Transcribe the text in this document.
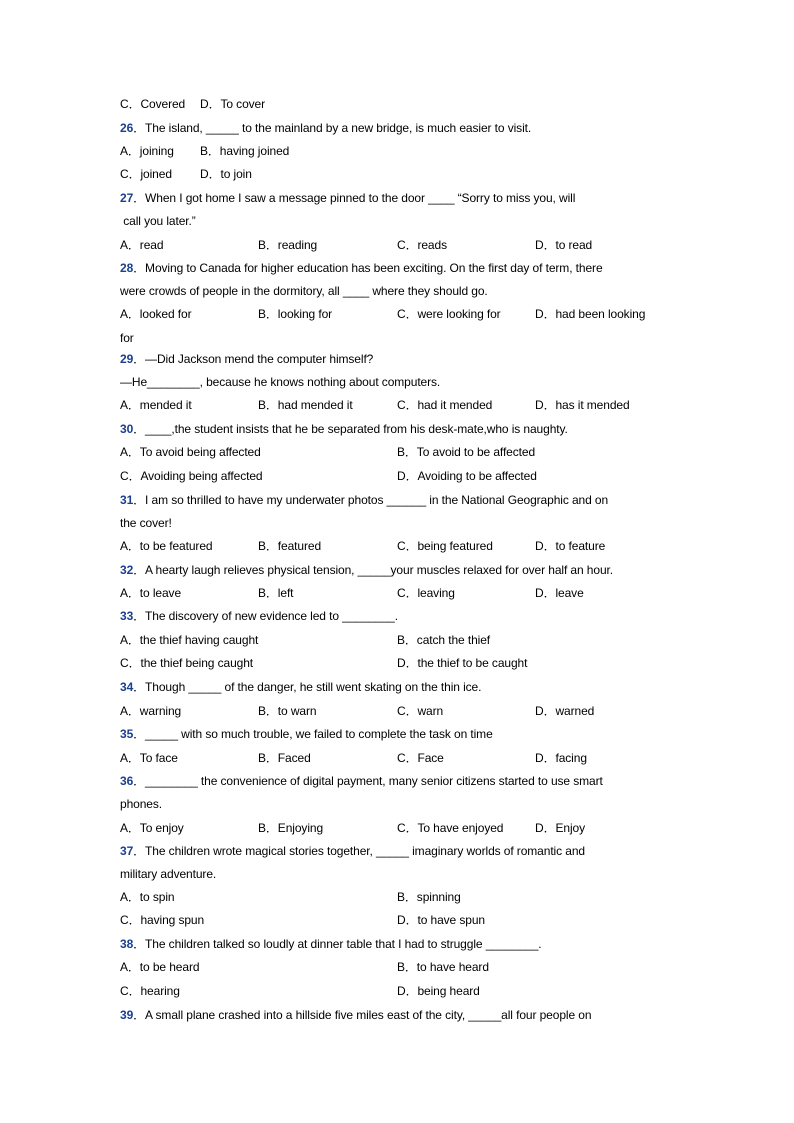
C．Covered D．To cover
26．The island, _____ to the mainland by a new bridge, is much easier to visit.
A．joining B．having joined
C．joined D．to join
27．When I got home I saw a message pinned to the door ____ “Sorry to miss you, will
call you later.”
A．read	B．reading	C．reads	D．to read
28．Moving to Canada for higher education has been exciting. On the first day of term, there
were crowds of people in the dormitory, all ____ where they should go.
A．looked for	B．looking for	C．were looking for	D．had been looking
for
29．—Did Jackson mend the computer himself?
—He________, because he knows nothing about computers.
A．mended it	B．had mended it	C．had it mended	D．has it mended
30．____,the student insists that he be separated from his desk-mate,who is naughty.
A．To avoid being affected	B．To avoid to be affected
C．Avoiding being affected	D．Avoiding to be affected
31．I am so thrilled to have my underwater photos ______ in the National Geographic and on
the cover!
A．to be featured	B．featured	C．being featured	D．to feature
32．A hearty laugh relieves physical tension, _____your muscles relaxed for over half an hour.
A．to leave	B．left	C．leaving	D．leave
33．The discovery of new evidence led to ________.
A．the thief having caught	B．catch the thief
C．the thief being caught	D．the thief to be caught
34．Though _____ of the danger, he still went skating on the thin ice.
A．warning	B．to warn	C．warn	D．warned
35．_____ with so much trouble, we failed to complete the task on time
A．To face	B．Faced	C．Face	D．facing
36．________ the convenience of digital payment, many senior citizens started to use smart
phones.
A．To enjoy	B．Enjoying	C．To have enjoyed	D．Enjoy
37．The children wrote magical stories together, _____ imaginary worlds of romantic and
military adventure.
A．to spin	B．spinning
C．having spun	D．to have spun
38．The children talked so loudly at dinner table that I had to struggle ________.
A．to be heard	B．to have heard
C．hearing	D．being heard
39．A small plane crashed into a hillside five miles east of the city, _____all four people on
